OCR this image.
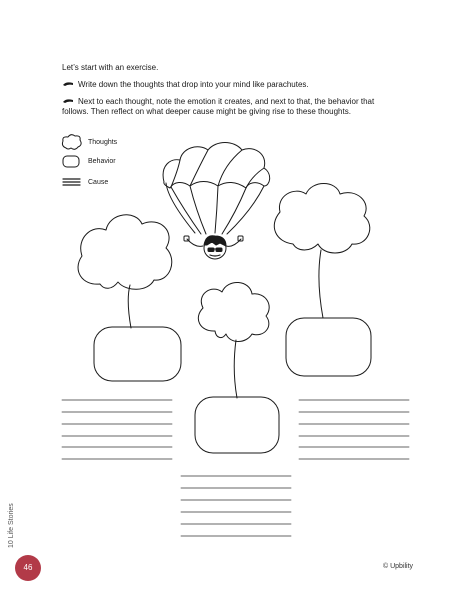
Let’s start with an exercise.
Write down the thoughts that drop into your mind like parachutes.
Next to each thought, note the emotion it creates, and next to that, the behavior that
follows. Then reflect on what deeper cause might be giving rise to these thoughts.
Thoughts
Behavior
Cause
10 Life Stories
46	© Upbility
